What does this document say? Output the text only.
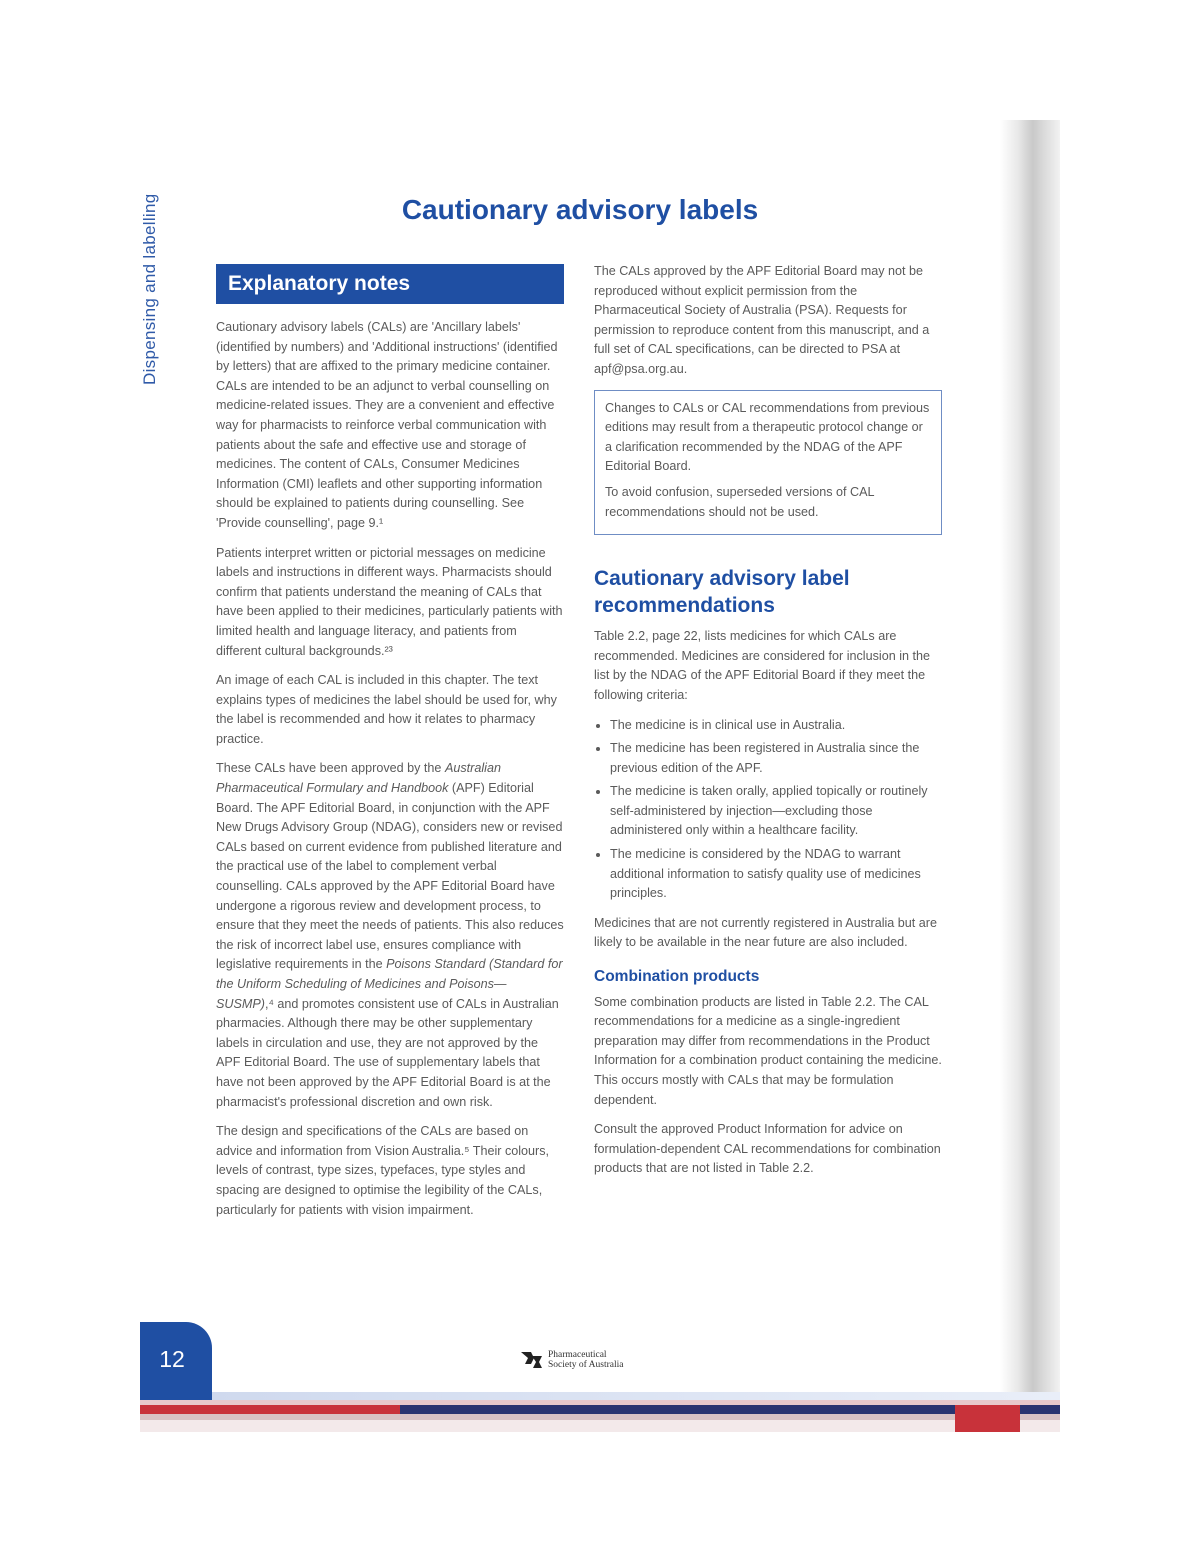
Dispensing and labelling	Cautionary advisory labels
Explanatory notes

Cautionary advisory labels (CALs) are 'Ancillary labels' (identified by numbers) and 'Additional instructions' (identified by letters) that are affixed to the primary medicine container. CALs are intended to be an adjunct to verbal counselling on medicine-related issues. They are a convenient and effective way for pharmacists to reinforce verbal communication with patients about the safe and effective use and storage of medicines. The content of CALs, Consumer Medicines Information (CMI) leaflets and other supporting information should be explained to patients during counselling. See 'Provide counselling', page 9.¹

Patients interpret written or pictorial messages on medicine labels and instructions in different ways. Pharmacists should confirm that patients understand the meaning of CALs that have been applied to their medicines, particularly patients with limited health and language literacy, and patients from different cultural backgrounds.²³

An image of each CAL is included in this chapter. The text explains types of medicines the label should be used for, why the label is recommended and how it relates to pharmacy practice.

These CALs have been approved by the Australian Pharmaceutical Formulary and Handbook (APF) Editorial Board. The APF Editorial Board, in conjunction with the APF New Drugs Advisory Group (NDAG), considers new or revised CALs based on current evidence from published literature and the practical use of the label to complement verbal counselling. CALs approved by the APF Editorial Board have undergone a rigorous review and development process, to ensure that they meet the needs of patients. This also reduces the risk of incorrect label use, ensures compliance with legislative requirements in the Poisons Standard (Standard for the Uniform Scheduling of Medicines and Poisons—SUSMP),⁴ and promotes consistent use of CALs in Australian pharmacies. Although there may be other supplementary labels in circulation and use, they are not approved by the APF Editorial Board. The use of supplementary labels that have not been approved by the APF Editorial Board is at the pharmacist's professional discretion and own risk.

The design and specifications of the CALs are based on advice and information from Vision Australia.⁵ Their colours, levels of contrast, type sizes, typefaces, type styles and spacing are designed to optimise the legibility of the CALs, particularly for patients with vision impairment.

The CALs approved by the APF Editorial Board may not be reproduced without explicit permission from the Pharmaceutical Society of Australia (PSA). Requests for permission to reproduce content from this manuscript, and a full set of CAL specifications, can be directed to PSA at apf@psa.org.au.

Changes to CALs or CAL recommendations from previous editions may result from a therapeutic protocol change or a clarification recommended by the NDAG of the APF Editorial Board.

To avoid confusion, superseded versions of CAL recommendations should not be used.

Cautionary advisory label recommendations

Table 2.2, page 22, lists medicines for which CALs are recommended. Medicines are considered for inclusion in the list by the NDAG of the APF Editorial Board if they meet the following criteria:

• The medicine is in clinical use in Australia.
• The medicine has been registered in Australia since the previous edition of the APF.
• The medicine is taken orally, applied topically or routinely self-administered by injection—excluding those administered only within a healthcare facility.
• The medicine is considered by the NDAG to warrant additional information to satisfy quality use of medicines principles.

Medicines that are not currently registered in Australia but are likely to be available in the near future are also included.

Combination products

Some combination products are listed in Table 2.2. The CAL recommendations for a medicine as a single-ingredient preparation may differ from recommendations in the Product Information for a combination product containing the medicine. This occurs mostly with CALs that may be formulation dependent.

Consult the approved Product Information for advice on formulation-dependent CAL recommendations for combination products that are not listed in Table 2.2.

12	Pharmaceutical
Society of Australia
